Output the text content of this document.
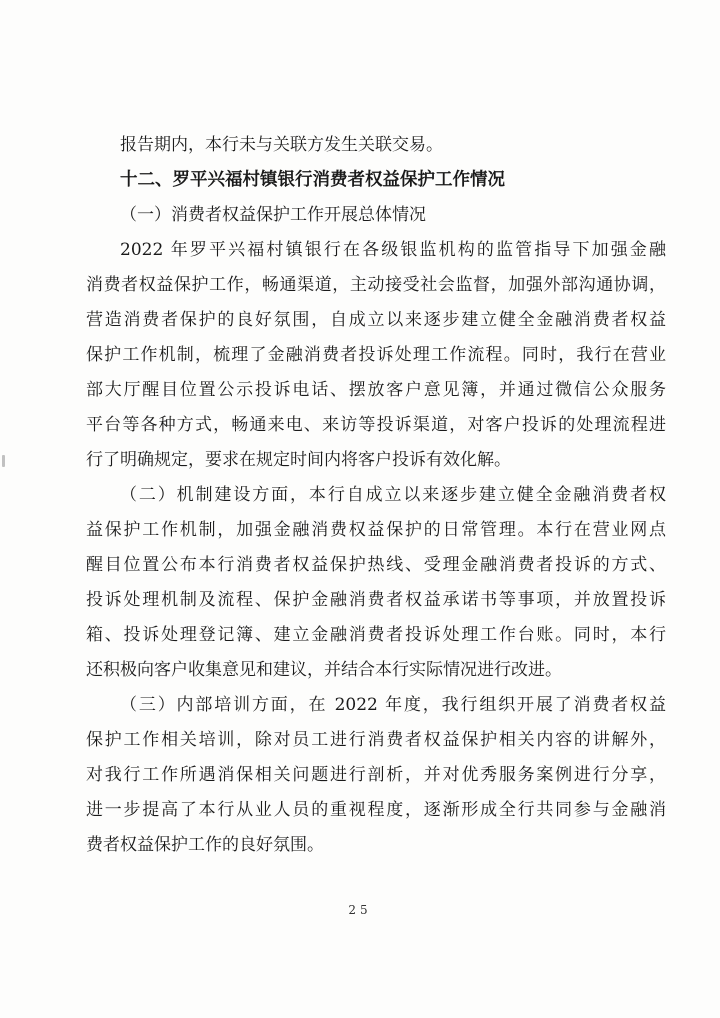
报告期内，本行未与关联方发生关联交易。
十二、罗平兴福村镇银行消费者权益保护工作情况
（一）消费者权益保护工作开展总体情况
2022 年罗平兴福村镇银行在各级银监机构的监管指导下加强金融
消费者权益保护工作，畅通渠道，主动接受社会监督，加强外部沟通协调，
营造消费者保护的良好氛围，自成立以来逐步建立健全金融消费者权益
保护工作机制，梳理了金融消费者投诉处理工作流程。同时，我行在营业
部大厅醒目位置公示投诉电话、摆放客户意见簿，并通过微信公众服务
平台等各种方式，畅通来电、来访等投诉渠道，对客户投诉的处理流程进
行了明确规定，要求在规定时间内将客户投诉有效化解。
（二）机制建设方面，本行自成立以来逐步建立健全金融消费者权
益保护工作机制，加强金融消费权益保护的日常管理。本行在营业网点
醒目位置公布本行消费者权益保护热线、受理金融消费者投诉的方式、
投诉处理机制及流程、保护金融消费者权益承诺书等事项，并放置投诉
箱、投诉处理登记簿、建立金融消费者投诉处理工作台账。同时，本行
还积极向客户收集意见和建议，并结合本行实际情况进行改进。
（三）内部培训方面，在 2022 年度，我行组织开展了消费者权益
保护工作相关培训，除对员工进行消费者权益保护相关内容的讲解外，
对我行工作所遇消保相关问题进行剖析，并对优秀服务案例进行分享，
进一步提高了本行从业人员的重视程度，逐渐形成全行共同参与金融消
费者权益保护工作的良好氛围。
25
